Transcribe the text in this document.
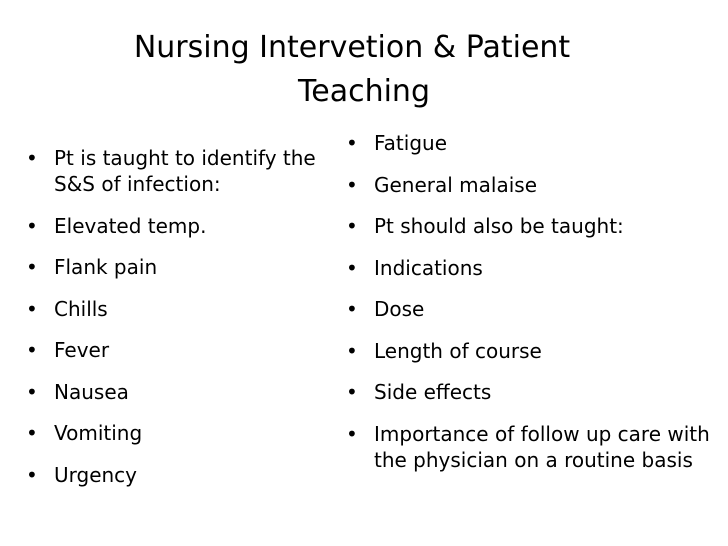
Nursing Intervetion & Patient
Teaching
• Pt is taught to identify the S&S of infection:
• Elevated temp.
• Flank pain
• Chills
• Fever
• Nausea
• Vomiting
• Urgency
• Fatigue
• General malaise
• Pt should also be taught:
• Indications
• Dose
• Length of course
• Side effects
• Importance of follow up care with the physician on a routine basis
